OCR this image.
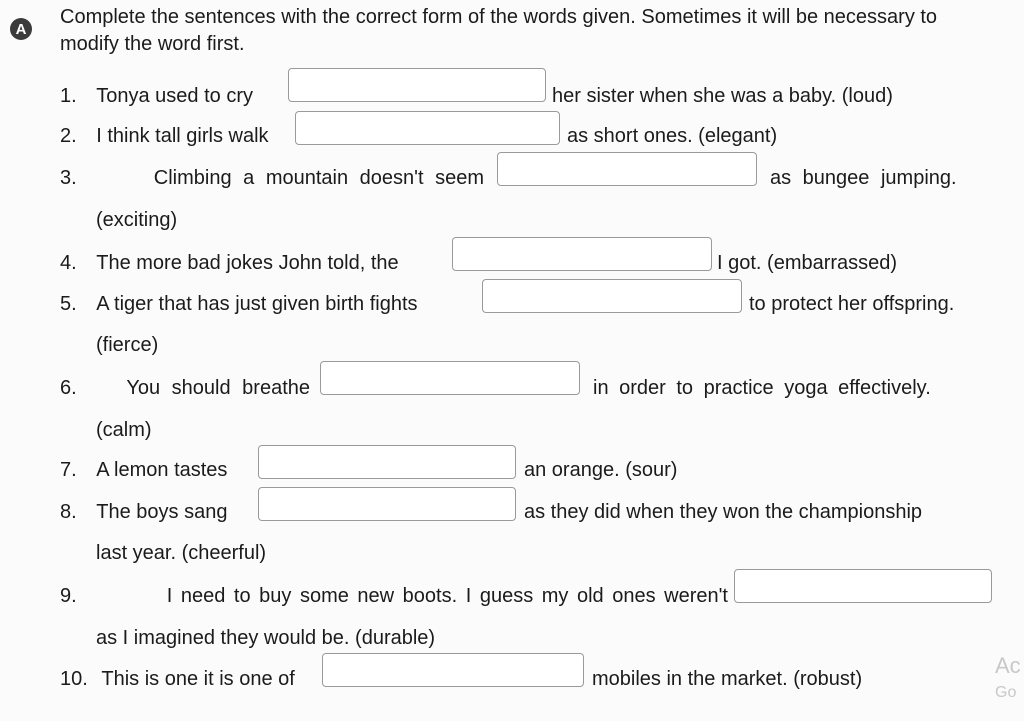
A
Complete the sentences with the correct form of the words given. Sometimes it will be necessary to modify the word first.
1. Tonya used to cry	her sister when she was a baby. (loud)
2. I think tall girls walk	as short ones. (elegant)
3.	Climbing a mountain doesn't seem	as bungee jumping.
(exciting)
4. The more bad jokes John told, the	I got. (embarrassed)
5. A tiger that has just given birth fights	to protect her offspring.
(fierce)
6. You should breathe	in order to practice yoga effectively.
(calm)
7. A lemon tastes	an orange. (sour)
8. The boys sang	as they did when they won the championship
last year. (cheerful)
9.	I need to buy some new boots. I guess my old ones weren't
as I imagined they would be. (durable)
10. This is one it is one of	mobiles in the market. (robust)
Ac
Go
